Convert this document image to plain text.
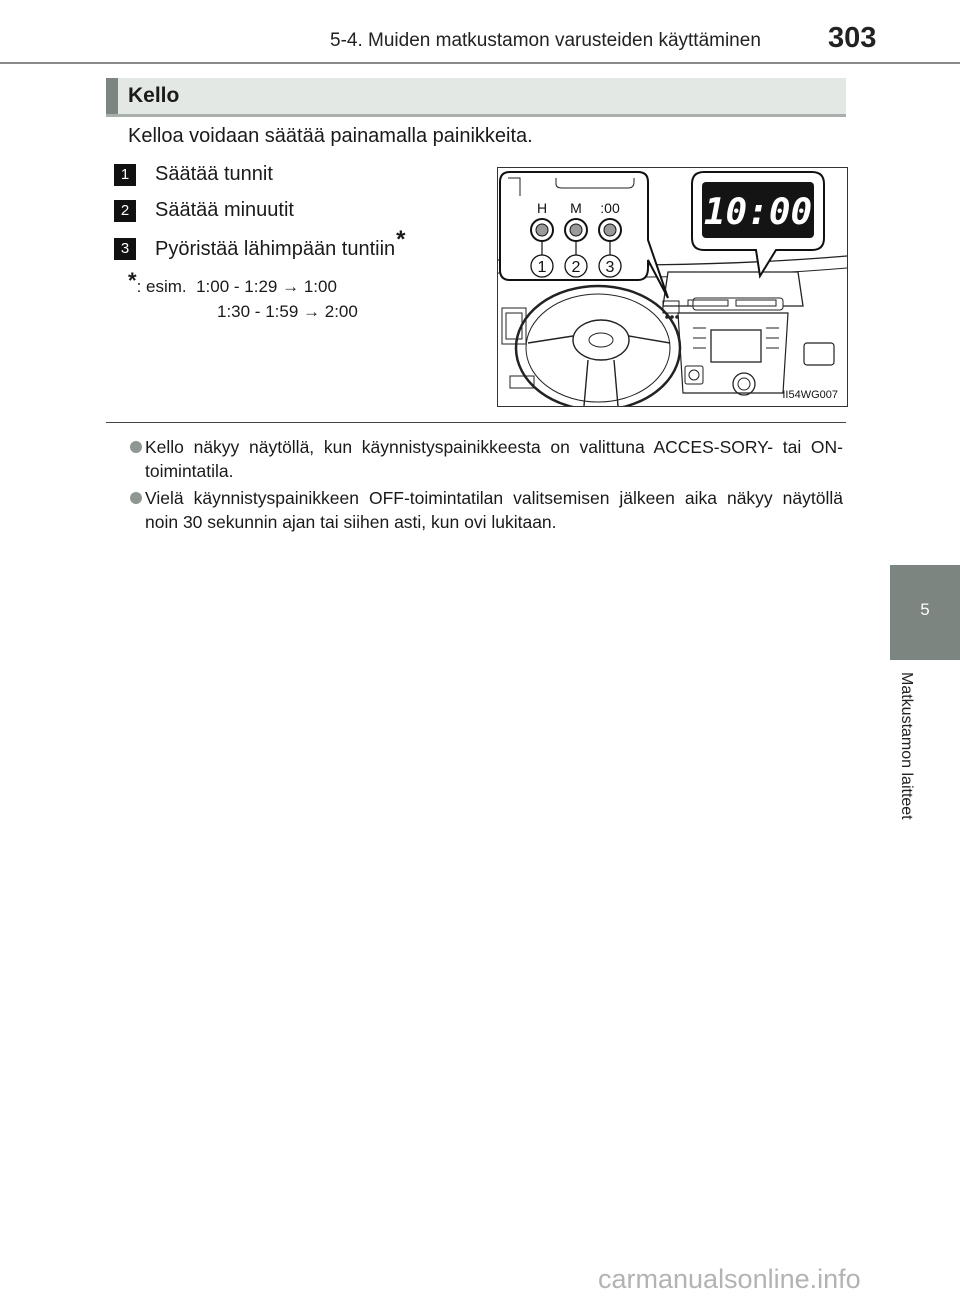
5-4. Muiden matkustamon varusteiden käyttäminen 303
5
Matkustamon laitteet
Kello
Kelloa voidaan säätää painamalla painikkeita.
1	Säätää tunnit
2	Säätää minuutit
3	Pyöristää lähimpään tuntiin *
*: esim. 1:00 - 1:29 → 1:00
1:30 - 1:59 → 2:00
H M :00
1 2 3
10:00
II54WG007

Kello näkyy näytöllä, kun käynnistyspainikkeesta on valittuna ACCES-SORY- tai ON-toimintatila.

Vielä käynnistyspainikkeen OFF-toimintatilan valitsemisen jälkeen aika näkyy näytöllä noin 30 sekunnin ajan tai siihen asti, kun ovi lukitaan.

carmanualsonline.info
